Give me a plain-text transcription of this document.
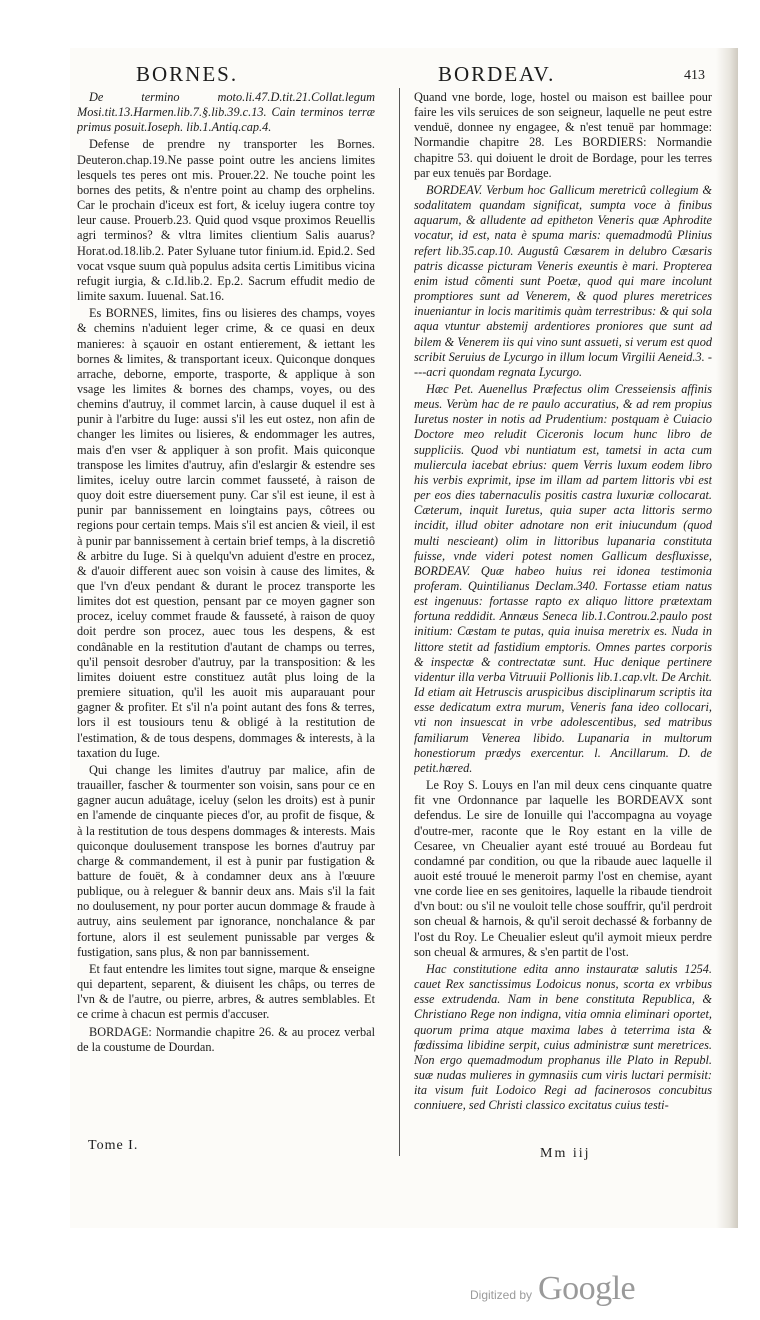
BORNES.	BORDEAV.	413

De termino moto.li.47.D.tit.21.Collat.legum Mosi.tit.13.Harmen.lib.7.§.lib.39.c.13. Cain terminos terræ primus posuit.Ioseph. lib.1.Antiq.cap.4.

Defense de prendre ny transporter les Bornes. Deuteron.chap.19.Ne passe point outre les anciens limites lesquels tes peres ont mis. Prouer.22. Ne touche point les bornes des petits, & n'entre point au champ des orphelins. Car le prochain d'iceux est fort, & iceluy iugera contre toy leur cause. Prouerb.23. Quid quod vsque proximos Reuellis agri terminos? & vltra limites clientium Salis auarus? Horat.od.18.lib.2. Pater Syluane tutor finium.id. Epid.2. Sed vocat vsque suum quà populus adsita certis Limitibus vicina refugit iurgia, & c.Id.lib.2. Ep.2. Sacrum effudit medio de limite saxum. Iuuenal. Sat.16.

Es BORNES, limites, fins ou lisieres des champs, voyes & chemins n'aduient leger crime, & ce quasi en deux manieres: à sçauoir en ostant entierement, & iettant les bornes & limites, & transportant iceux. Quiconque donques arrache, deborne, emporte, trasporte, & applique à son vsage les limites & bornes des champs, voyes, ou des chemins d'autruy, il commet larcin, à cause duquel il est à punir à l'arbitre du Iuge: aussi s'il les eut ostez, non afin de changer les limites ou lisieres, & endommager les autres, mais d'en vser & appliquer à son profit. Mais quiconque transpose les limites d'autruy, afin d'eslargir & estendre ses limites, iceluy outre larcin commet fausseté, à raison de quoy doit estre diuersement puny. Car s'il est ieune, il est à punir par bannissement en loingtains pays, côtrees ou regions pour certain temps. Mais s'il est ancien & vieil, il est à punir par bannissement à certain brief temps, à la discretiô & arbitre du Iuge. Si à quelqu'vn aduient d'estre en procez, & d'auoir different auec son voisin à cause des limites, & que l'vn d'eux pendant & durant le procez transporte les limites dot est question, pensant par ce moyen gagner son procez, iceluy commet fraude & fausseté, à raison de quoy doit perdre son procez, auec tous les despens, & est condânable en la restitution d'autant de champs ou terres, qu'il pensoit desrober d'autruy, par la transposition: & les limites doiuent estre constituez autât plus loing de la premiere situation, qu'il les auoit mis auparauant pour gagner & profiter. Et s'il n'a point autant des fons & terres, lors il est tousiours tenu & obligé à la restitution de l'estimation, & de tous despens, dommages & interests, à la taxation du Iuge.

Qui change les limites d'autruy par malice, afin de trauailler, fascher & tourmenter son voisin, sans pour ce en gagner aucun aduâtage, iceluy (selon les droits) est à punir en l'amende de cinquante pieces d'or, au profit de fisque, & à la restitution de tous despens dommages & interests. Mais quiconque doulusement transpose les bornes d'autruy par charge & commandement, il est à punir par fustigation & batture de fouët, & à condamner deux ans à l'œuure publique, ou à releguer & bannir deux ans. Mais s'il la fait no doulusement, ny pour porter aucun dommage & fraude à autruy, ains seulement par ignorance, nonchalance & par fortune, alors il est seulement punissable par verges & fustigation, sans plus, & non par bannissement.

Et faut entendre les limites tout signe, marque & enseigne qui departent, separent, & diuisent les châps, ou terres de l'vn & de l'autre, ou pierre, arbres, & autres semblables. Et ce crime à chacun est permis d'accuser.

BORDAGE: Normandie chapitre 26. & au procez verbal de la coustume de Dourdan.

Quand vne borde, loge, hostel ou maison est baillee pour faire les vils seruices de son seigneur, laquelle ne peut estre venduë, donnee ny engagee, & n'est tenuë par hommage: Normandie chapitre 28. Les BORDIERS: Normandie chapitre 53. qui doiuent le droit de Bordage, pour les terres par eux tenuës par Bordage.

BORDEAV. Verbum hoc Gallicum meretricû collegium & sodalitatem quandam significat, sumpta voce à finibus aquarum, & alludente ad epitheton Veneris quæ Aphrodite vocatur, id est, nata è spuma maris: quemadmodû Plinius refert lib.35.cap.10. Augustû Cæsarem in delubro Cæsaris patris dicasse picturam Veneris exeuntis è mari. Propterea enim istud cõmenti sunt Poetæ, quod qui mare incolunt promptiores sunt ad Venerem, & quod plures meretrices inueniantur in locis maritimis quàm terrestribus: & qui sola aqua vtuntur abstemij ardentiores proniores que sunt ad bilem & Venerem iis qui vino sunt assueti, si verum est quod scribit Seruius de Lycurgo in illum locum Virgilii Aeneid.3. ----acri quondam regnata Lycurgo.

Hæc Pet. Auenellus Præfectus olim Cresseiensis affinis meus. Verùm hac de re paulo accuratius, & ad rem propius Iuretus noster in notis ad Prudentium: postquam è Cuiacio Doctore meo reludit Ciceronis locum hunc libro de suppliciis. Quod vbi nuntiatum est, tametsi in acta cum muliercula iacebat ebrius: quem Verris luxum eodem libro his verbis exprimit, ipse im illam ad partem littoris vbi est per eos dies tabernaculis positis castra luxuriæ collocarat. Cæterum, inquit Iuretus, quia super acta littoris sermo incidit, illud obiter adnotare non erit iniucundum (quod multi nescieant) olim in littoribus lupanaria constituta fuisse, vnde videri potest nomen Gallicum desfluxisse, BORDEAV. Quæ habeo huius rei idonea testimonia proferam. Quintilianus Declam.340. Fortasse etiam natus est ingenuus: fortasse rapto ex aliquo littore prætextam fortuna reddidit. Annæus Seneca lib.1.Controu.2.paulo post initium: Cæstam te putas, quia inuisa meretrix es. Nuda in littore stetit ad fastidium emptoris. Omnes partes corporis & inspectæ & contrectatæ sunt. Huc denique pertinere videntur illa verba Vitruuii Pollionis lib.1.cap.vlt. De Archit. Id etiam ait Hetruscis aruspicibus disciplinarum scriptis ita esse dedicatum extra murum, Veneris fana ideo collocari, vti non insuescat in vrbe adolescentibus, sed matribus familiarum Venerea libido. Lupanaria in multorum honestiorum prædys exercentur. l. Ancillarum. D. de petit.hæred.

Le Roy S. Louys en l'an mil deux cens cinquante quatre fit vne Ordonnance par laquelle les BORDEAVX sont defendus. Le sire de Ionuille qui l'accompagna au voyage d'outre-mer, raconte que le Roy estant en la ville de Cesaree, vn Cheualier ayant esté trouué au Bordeau fut condamné par condition, ou que la ribaude auec laquelle il auoit esté trouué le meneroit parmy l'ost en chemise, ayant vne corde liee en ses genitoires, laquelle la ribaude tiendroit d'vn bout: ou s'il ne vouloit telle chose souffrir, qu'il perdroit son cheual & harnois, & qu'il seroit dechassé & forbanny de l'ost du Roy. Le Cheualier esleut qu'il aymoit mieux perdre son cheual & armures, & s'en partit de l'ost.

Hac constitutione edita anno instauratæ salutis 1254. cauet Rex sanctissimus Lodoicus nonus, scorta ex vrbibus esse extrudenda. Nam in bene constituta Republica, & Christiano Rege non indigna, vitia omnia eliminari oportet, quorum prima atque maxima labes à teterrima ista & fœdissima libidine serpit, cuius administræ sunt meretrices. Non ergo quemadmodum prophanus ille Plato in Republ. suæ nudas mulieres in gymnasiis cum viris luctari permisit: ita visum fuit Lodoico Regi ad facinerosos concubitus conniuere, sed Christi classico excitatus cuius testi-

Tome I.
Mm iij
Digitized by Google
